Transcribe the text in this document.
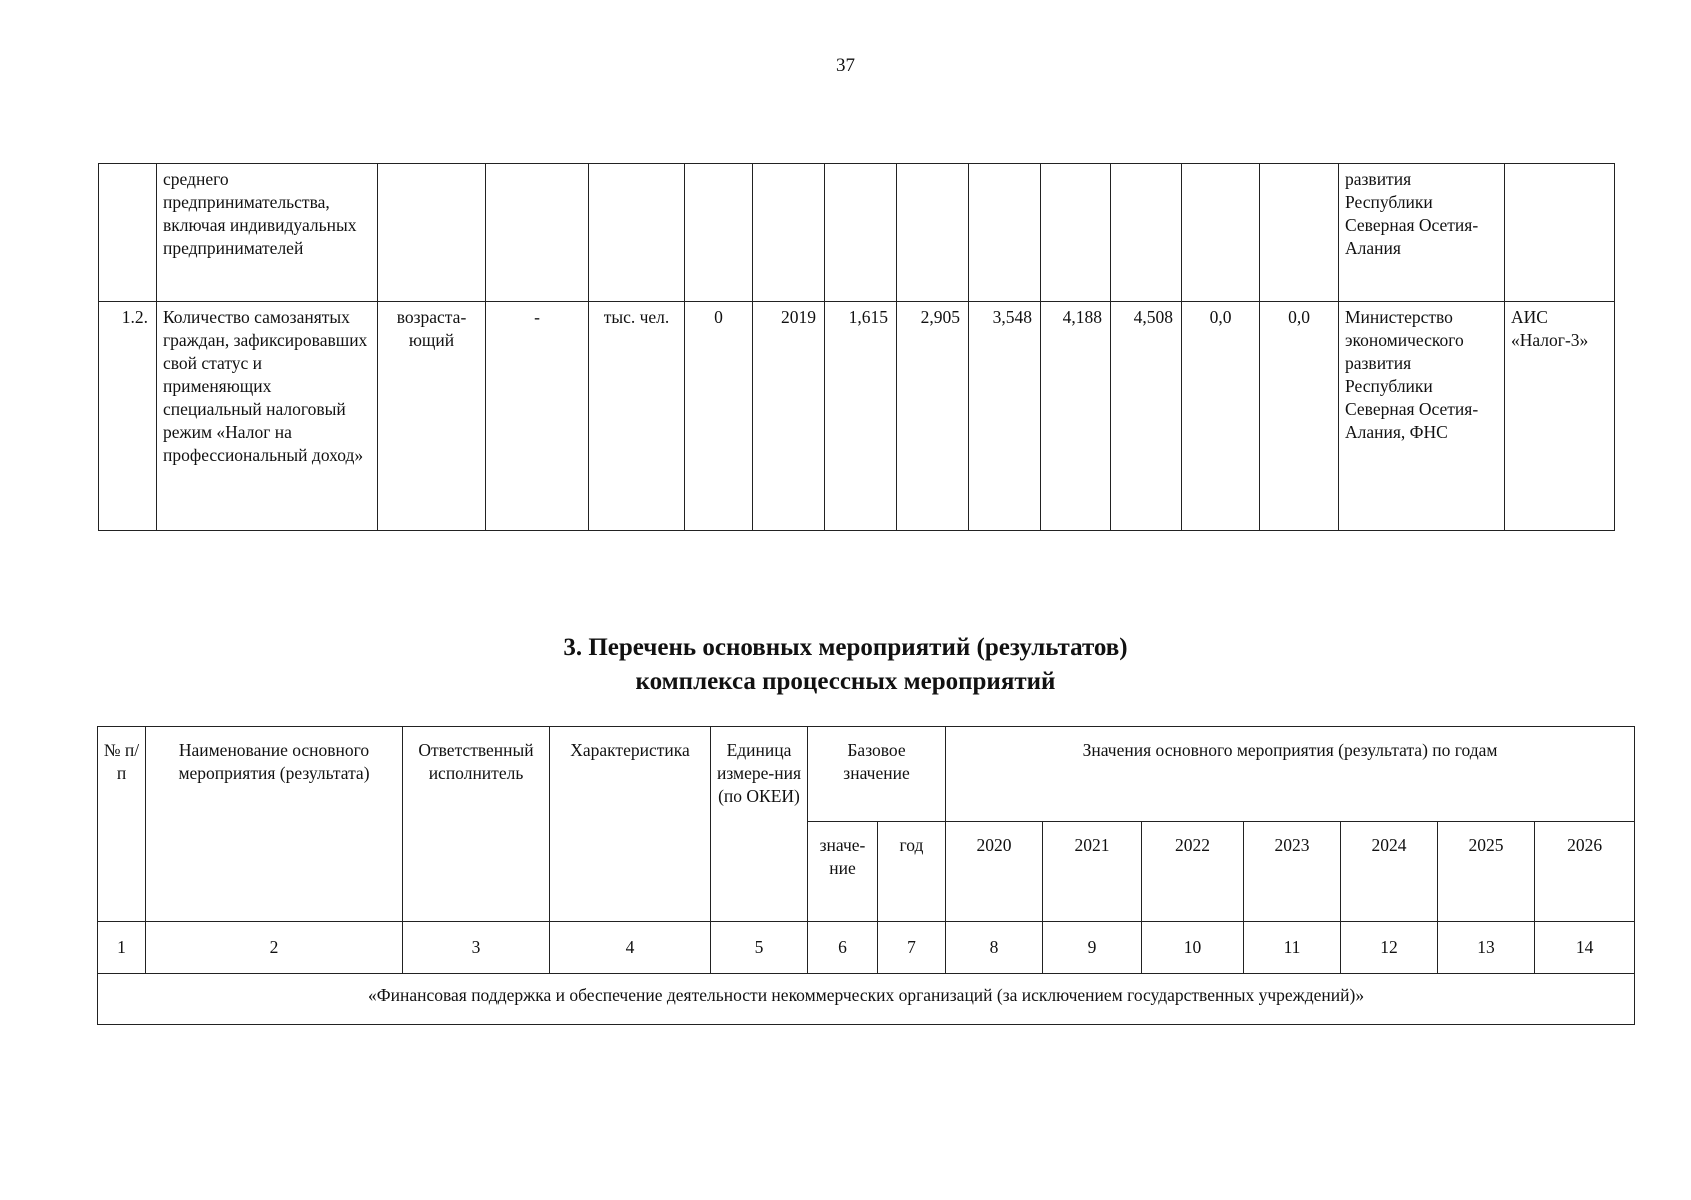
37
	среднего предпринимательства, включая индивидуальных предпринимателей													развития Республики Северная Осетия-Алания	
1.2.	Количество самозанятых граждан, зафиксировавших свой статус и применяющих специальный налоговый режим «Налог на профессиональный доход»	возраста-ющий	-	тыс. чел.	0	2019	1,615	2,905	3,548	4,188	4,508	0,0	0,0	Министерство экономического развития Республики Северная Осетия-Алания, ФНС	АИС «Налог-3»
3. Перечень основных мероприятий (результатов)
комплекса процессных мероприятий
№ п/п	Наименование основного мероприятия (результата)	Ответственный исполнитель	Характеристика	Единица измере-ния (по ОКЕИ)	Базовое значение		Значения основного мероприятия (результата) по годам						
					значе-ние	год	2020	2021	2022	2023	2024	2025	2026
1	2	3	4	5	6	7	8	9	10	11	12	13	14
«Финансовая поддержка и обеспечение деятельности некоммерческих организаций (за исключением государственных учреждений)»													
